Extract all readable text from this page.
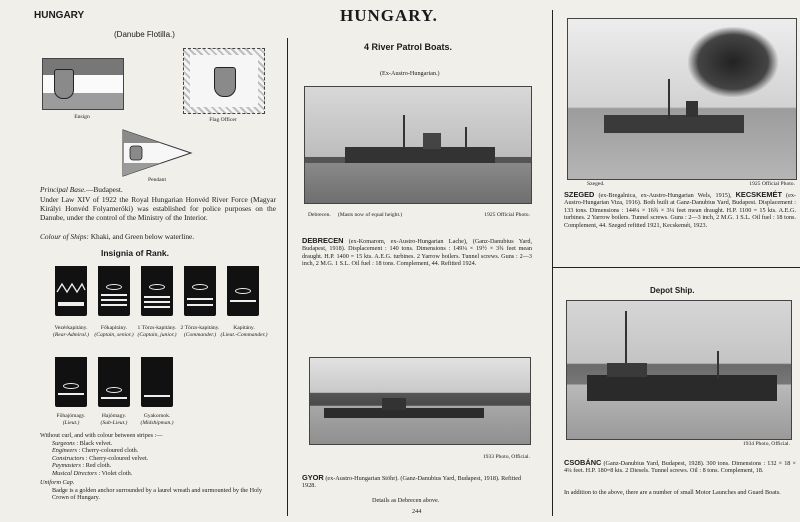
HUNGARY	HUNGARY.
(Danube Flotilla.)
Ensign	Flag Officer
Pendant
Principal Base.—Budapest.
Under Law XIV of 1922 the Royal Hungarian Honvéd River Force (Magyar Királyi Honvéd Folyameröki) was established for police purposes on the Danube, under the control of the Ministry of the Interior.
Colour of Ships: Khaki, and Green below waterline.
Insignia of Rank.
Vezérkapitány.
(Rear-Admiral.)
Főkapitány.
(Captain, senior.)
1 Törzs-kapitány.
(Captain, junior.)
2 Törzs-kapitány.
(Commander.)
Kapitány.
(Lieut.-Commander.)
Főhajómagy.
(Lieut.)
Hajómagy.
(Sub-Lieut.)
Gyakornok.
(Midshipman.)
Without curl, and with colour between stripes :—
Surgeons : Black velvet.
Engineers : Cherry-coloured cloth.
Constructors : Cherry-coloured velvet.
Paymasters : Red cloth.
Musical Directors : Violet cloth.
Uniform Cap.
Badge is a golden anchor surrounded by a laurel wreath and surmounted by the Holy Crown of Hungary.
4 River Patrol Boats.
(Ex-Austro-Hungarian.)
Debrecen. (Masts now of equal height.)	1925 Official Photo.
DEBRECEN (ex-Komarom, ex-Austro-Hungarian Lache), (Ganz-Danubius Yard, Budapest, 1918). Displacement : 140 tons. Dimensions : 149¼ × 19½ × 3¾ feet mean draught. H.P. 1400 = 15 kts. A.E.G. turbines. 2 Yarrow boilers. Tunnel screws. Guns : 2—3 inch, 2 M.G. 1 S.L. Oil fuel : 18 tons. Complement, 44. Refitted 1924.
1933 Photo, Official.
GYOR (ex-Austro-Hungarian Stöhr). (Ganz-Danubius Yard, Budapest, 1918). Refitted 1928.
Details as Debrecen above.
244
Szeged.	1925 Official Photo.
SZEGED (ex-Bregalnica, ex-Austro-Hungarian Wels, 1915), KECSKEMÉT (ex-Austro-Hungarian Viza, 1916). Both built at Ganz-Danubius Yard, Budapest. Displacement : 133 tons. Dimensions : 144¼ × 16¾ × 3¼ feet mean draught. H.P. 1100 = 15 kts. A.E.G. turbines. 2 Yarrow boilers. Tunnel screws. Guns : 2—3 inch, 2 M.G. 1 S.L. Oil fuel : 18 tons. Complement, 44. Szeged refitted 1921, Kecskemét, 1923.
Depot Ship.
1934 Photo, Official.
CSOBÁNC (Ganz-Danubius Yard, Budapest, 1928). 300 tons. Dimensions : 132 × 18 × 4¼ feet. H.P. 180=8 kts. 2 Diesels. Tunnel screws. Oil : 8 tons. Complement, 18.
In addition to the above, there are a number of small Motor Launches and Guard Boats.
